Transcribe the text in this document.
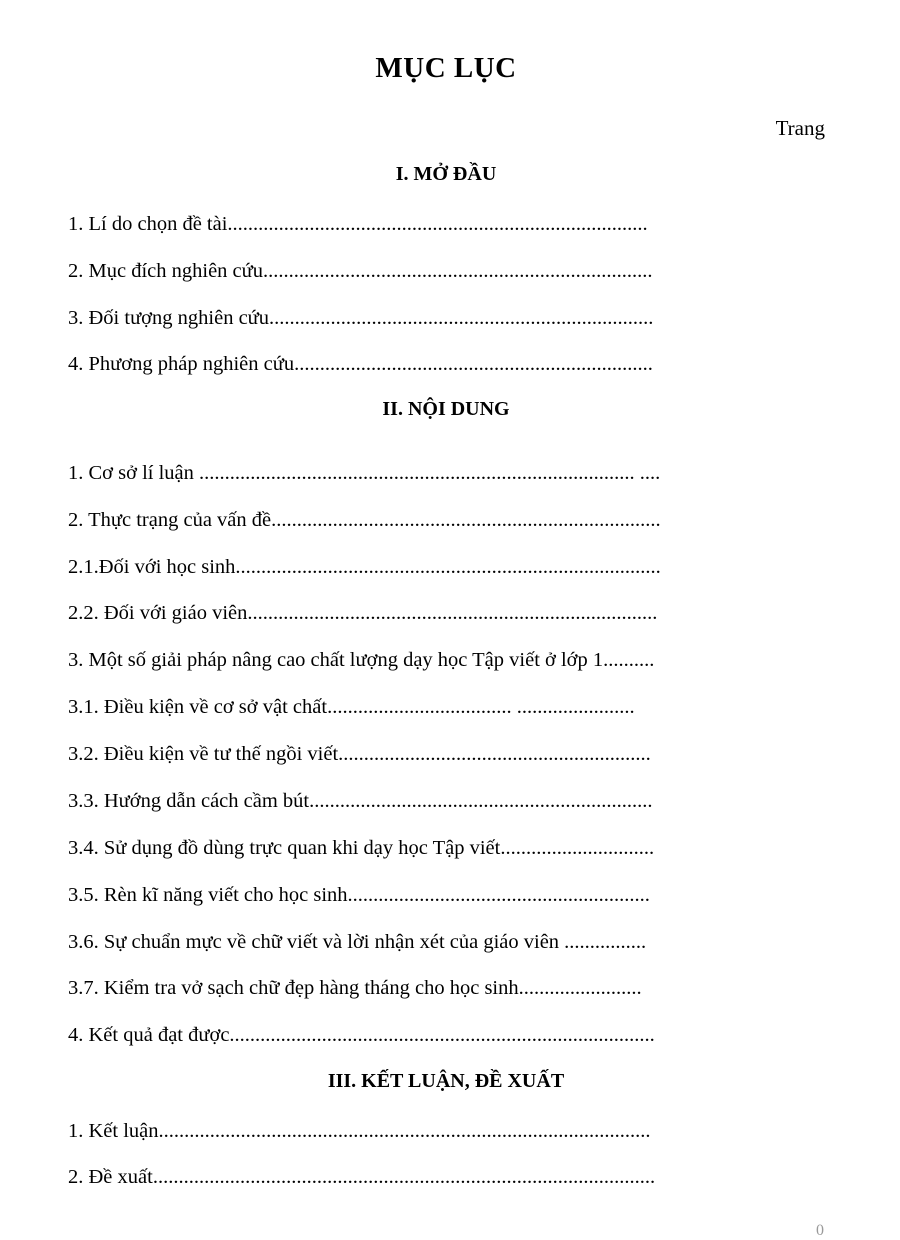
MỤC LỤC
Trang
I. MỞ ĐẦU
1. Lí do chọn đề tài..................................................................................
2. Mục đích nghiên cứu............................................................................
3. Đối tượng nghiên cứu...........................................................................
4. Phương pháp nghiên cứu......................................................................
II. NỘI DUNG
1. Cơ sở lí luận ..................................................................................... ....
2. Thực trạng của vấn đề............................................................................
2.1.Đối với học sinh...................................................................................
2.2. Đối với giáo viên................................................................................
3. Một số giải pháp nâng cao chất lượng dạy học Tập viết ở lớp 1..........
3.1. Điều kiện về cơ sở vật chất.................................... .......................
3.2. Điều kiện về tư thế ngồi viết.............................................................
3.3. Hướng dẫn cách cầm bút...................................................................
3.4. Sử dụng đồ dùng trực quan khi dạy học Tập viết..............................
3.5. Rèn kĩ năng viết cho học sinh...........................................................
3.6. Sự chuẩn mực về chữ viết và lời nhận xét của giáo viên ................
3.7. Kiểm tra vở sạch chữ đẹp hàng tháng cho học sinh........................
4. Kết quả đạt được...................................................................................
III. KẾT LUẬN, ĐỀ XUẤT
1. Kết luận................................................................................................
2. Đề xuất..................................................................................................
0
